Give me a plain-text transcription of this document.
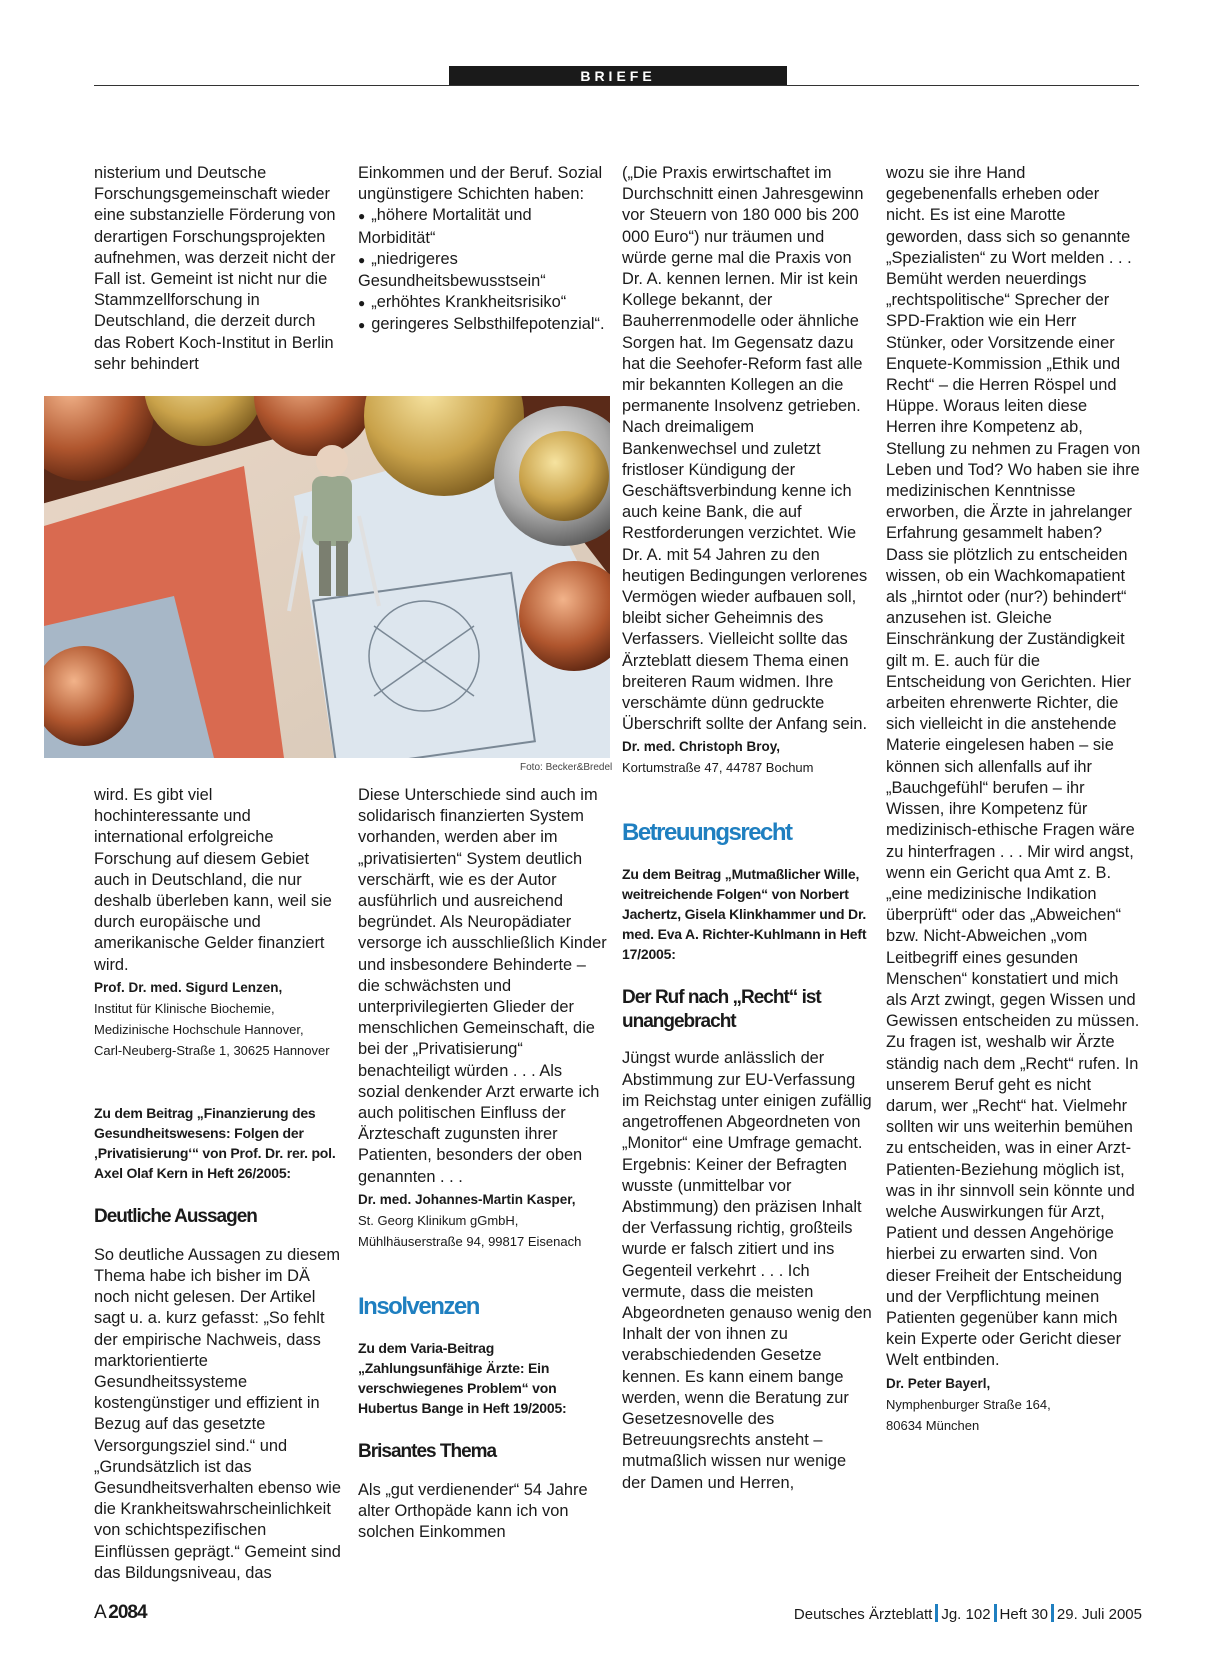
BRIEFE

nisterium und Deutsche Forschungsgemeinschaft wieder eine substanzielle Förderung von derartigen Forschungsprojekten aufnehmen, was derzeit nicht der Fall ist. Gemeint ist nicht nur die Stammzellforschung in Deutschland, die derzeit durch das Robert Koch-Institut in Berlin sehr behindert

Einkommen und der Beruf. Sozial ungünstigere Schichten haben:

● „höhere Mortalität und Morbidität“
● „niedrigeres Gesundheitsbewusstsein“
● „erhöhtes Krankheitsrisiko“
● geringeres Selbsthilfepotenzial“.
Foto: Becker&Bredel

wird. Es gibt viel hochinteressante und international erfolgreiche Forschung auf diesem Gebiet auch in Deutschland, die nur deshalb überleben kann, weil sie durch europäische und amerikanische Gelder finanziert wird.

Prof. Dr. med. Sigurd Lenzen,
Institut für Klinische Biochemie,
Medizinische Hochschule Hannover,
Carl-Neuberg-Straße 1, 30625 Hannover
Zu dem Beitrag „Finanzierung des Gesundheitswesens: Folgen der ‚Privatisierung‘“ von Prof. Dr. rer. pol. Axel Olaf Kern in Heft 26/2005:
Deutliche Aussagen

So deutliche Aussagen zu diesem Thema habe ich bisher im DÄ noch nicht gelesen. Der Artikel sagt u. a. kurz gefasst: „So fehlt der empirische Nachweis, dass marktorientierte Gesundheitssysteme kostengünstiger und effizient in Bezug auf das gesetzte Versorgungsziel sind.“ und „Grundsätzlich ist das Gesundheitsverhalten ebenso wie die Krankheitswahrscheinlichkeit von schichtspezifischen Einflüssen geprägt.“ Gemeint sind das Bildungsniveau, das

Diese Unterschiede sind auch im solidarisch finanzierten System vorhanden, werden aber im „privatisierten“ System deutlich verschärft, wie es der Autor ausführlich und ausreichend begründet. Als Neuropädiater versorge ich ausschließlich Kinder und insbesondere Behinderte – die schwächsten und unterprivilegierten Glieder der menschlichen Gemeinschaft, die bei der „Privatisierung“ benachteiligt würden . . . Als sozial denkender Arzt erwarte ich auch politischen Einfluss der Ärzteschaft zugunsten ihrer Patienten, besonders der oben genannten . . .

Dr. med. Johannes-Martin Kasper,
St. Georg Klinikum gGmbH,
Mühlhäuserstraße 94, 99817 Eisenach
Insolvenzen
Zu dem Varia-Beitrag „Zahlungsunfähige Ärzte: Ein verschwiegenes Problem“ von Hubertus Bange in Heft 19/2005:
Brisantes Thema

Als „gut verdienender“ 54 Jahre alter Orthopäde kann ich von solchen Einkommen

(„Die Praxis erwirtschaftet im Durchschnitt einen Jahresgewinn vor Steuern von 180 000 bis 200 000 Euro“) nur träumen und würde gerne mal die Praxis von Dr. A. kennen lernen. Mir ist kein Kollege bekannt, der Bauherrenmodelle oder ähnliche Sorgen hat. Im Gegensatz dazu hat die Seehofer-Reform fast alle mir bekannten Kollegen an die permanente Insolvenz getrieben. Nach dreimaligem Bankenwechsel und zuletzt fristloser Kündigung der Geschäftsverbindung kenne ich auch keine Bank, die auf Restforderungen verzichtet. Wie Dr. A. mit 54 Jahren zu den heutigen Bedingungen verlorenes Vermögen wieder aufbauen soll, bleibt sicher Geheimnis des Verfassers. Vielleicht sollte das Ärzteblatt diesem Thema einen breiteren Raum widmen. Ihre verschämte dünn gedruckte Überschrift sollte der Anfang sein.

Dr. med. Christoph Broy,
Kortumstraße 47, 44787 Bochum
Betreuungsrecht
Zu dem Beitrag „Mutmaßlicher Wille, weitreichende Folgen“ von Norbert Jachertz, Gisela Klinkhammer und Dr. med. Eva A. Richter-Kuhlmann in Heft 17/2005:
Der Ruf nach „Recht“ ist unangebracht

Jüngst wurde anlässlich der Abstimmung zur EU-Verfassung im Reichstag unter einigen zufällig angetroffenen Abgeordneten von „Monitor“ eine Umfrage gemacht. Ergebnis: Keiner der Befragten wusste (unmittelbar vor Abstimmung) den präzisen Inhalt der Verfassung richtig, großteils wurde er falsch zitiert und ins Gegenteil verkehrt . . . Ich vermute, dass die meisten Abgeordneten genauso wenig den Inhalt der von ihnen zu verabschiedenden Gesetze kennen. Es kann einem bange werden, wenn die Beratung zur Gesetzesnovelle des Betreuungsrechts ansteht – mutmaßlich wissen nur wenige der Damen und Herren,

wozu sie ihre Hand gegebenenfalls erheben oder nicht. Es ist eine Marotte geworden, dass sich so genannte „Spezialisten“ zu Wort melden . . . Bemüht werden neuerdings „rechtspolitische“ Sprecher der SPD-Fraktion wie ein Herr Stünker, oder Vorsitzende einer Enquete-Kommission „Ethik und Recht“ – die Herren Röspel und Hüppe. Woraus leiten diese Herren ihre Kompetenz ab, Stellung zu nehmen zu Fragen von Leben und Tod? Wo haben sie ihre medizinischen Kenntnisse erworben, die Ärzte in jahrelanger Erfahrung gesammelt haben? Dass sie plötzlich zu entscheiden wissen, ob ein Wachkomapatient als „hirntot oder (nur?) behindert“ anzusehen ist. Gleiche Einschränkung der Zuständigkeit gilt m. E. auch für die Entscheidung von Gerichten. Hier arbeiten ehrenwerte Richter, die sich vielleicht in die anstehende Materie eingelesen haben – sie können sich allenfalls auf ihr „Bauchgefühl“ berufen – ihr Wissen, ihre Kompetenz für medizinisch-ethische Fragen wäre zu hinterfragen . . . Mir wird angst, wenn ein Gericht qua Amt z. B. „eine medizinische Indikation überprüft“ oder das „Abweichen“ bzw. Nicht-Abweichen „vom Leitbegriff eines gesunden Menschen“ konstatiert und mich als Arzt zwingt, gegen Wissen und Gewissen entscheiden zu müssen. Zu fragen ist, weshalb wir Ärzte ständig nach dem „Recht“ rufen. In unserem Beruf geht es nicht darum, wer „Recht“ hat. Vielmehr sollten wir uns weiterhin bemühen zu entscheiden, was in einer Arzt-Patienten-Beziehung möglich ist, was in ihr sinnvoll sein könnte und welche Auswirkungen für Arzt, Patient und dessen Angehörige hierbei zu erwarten sind. Von dieser Freiheit der Entscheidung und der Verpflichtung meinen Patienten gegenüber kann mich kein Experte oder Gericht dieser Welt entbinden.

Dr. Peter Bayerl,
Nymphenburger Straße 164,
80634 München
A 2084	Deutsches Ärzteblatt Jg. 102 Heft 30 29. Juli 2005
